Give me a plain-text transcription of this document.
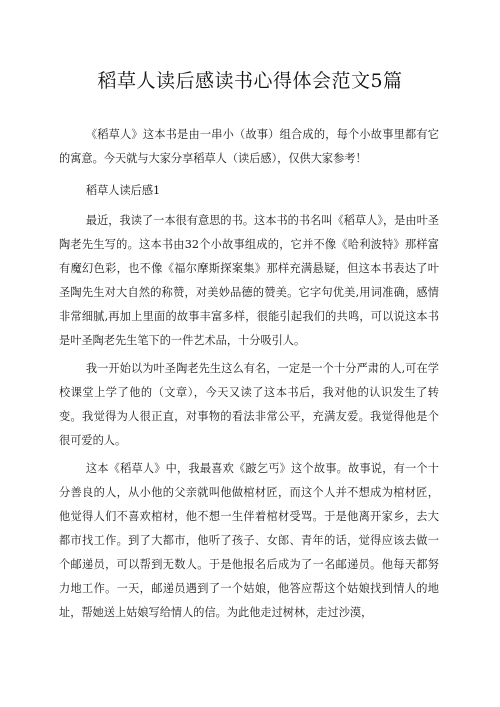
稻草人读后感读书心得体会范文5篇

《稻草人》这本书是由一串小（故事）组合成的，每个小故事里都有它的寓意。今天就与大家分享稻草人（读后感），仅供大家参考！

稻草人读后感1

最近，我读了一本很有意思的书。这本书的书名叫《稻草人》，是由叶圣陶老先生写的。这本书由32个小故事组成的，它并不像《哈利波特》那样富有魔幻色彩，也不像《福尔摩斯探案集》那样充满悬疑，但这本书表达了叶圣陶先生对大自然的称赞，对美妙品德的赞美。它字句优美,用词准确，感情非常细腻,再加上里面的故事丰富多样，很能引起我们的共鸣，可以说这本书是叶圣陶老先生笔下的一件艺术品，十分吸引人。

我一开始以为叶圣陶老先生这么有名，一定是一个十分严肃的人,可在学校课堂上学了他的（文章），今天又读了这本书后，我对他的认识发生了转变。我觉得为人很正直，对事物的看法非常公平，充满友爱。我觉得他是个很可爱的人。

这本《稻草人》中，我最喜欢《跛乞丐》这个故事。故事说，有一个十分善良的人，从小他的父亲就叫他做棺材匠，而这个人并不想成为棺材匠，他觉得人们不喜欢棺材，他不想一生伴着棺材受骂。于是他离开家乡，去大都市找工作。到了大都市，他听了孩子、女郎、青年的话，觉得应该去做一个邮递员，可以帮到无数人。于是他报名后成为了一名邮递员。他每天都努力地工作。一天，邮递员遇到了一个姑娘，他答应帮这个姑娘找到情人的地址，帮她送上姑娘写给情人的信。为此他走过树林，走过沙漠，
